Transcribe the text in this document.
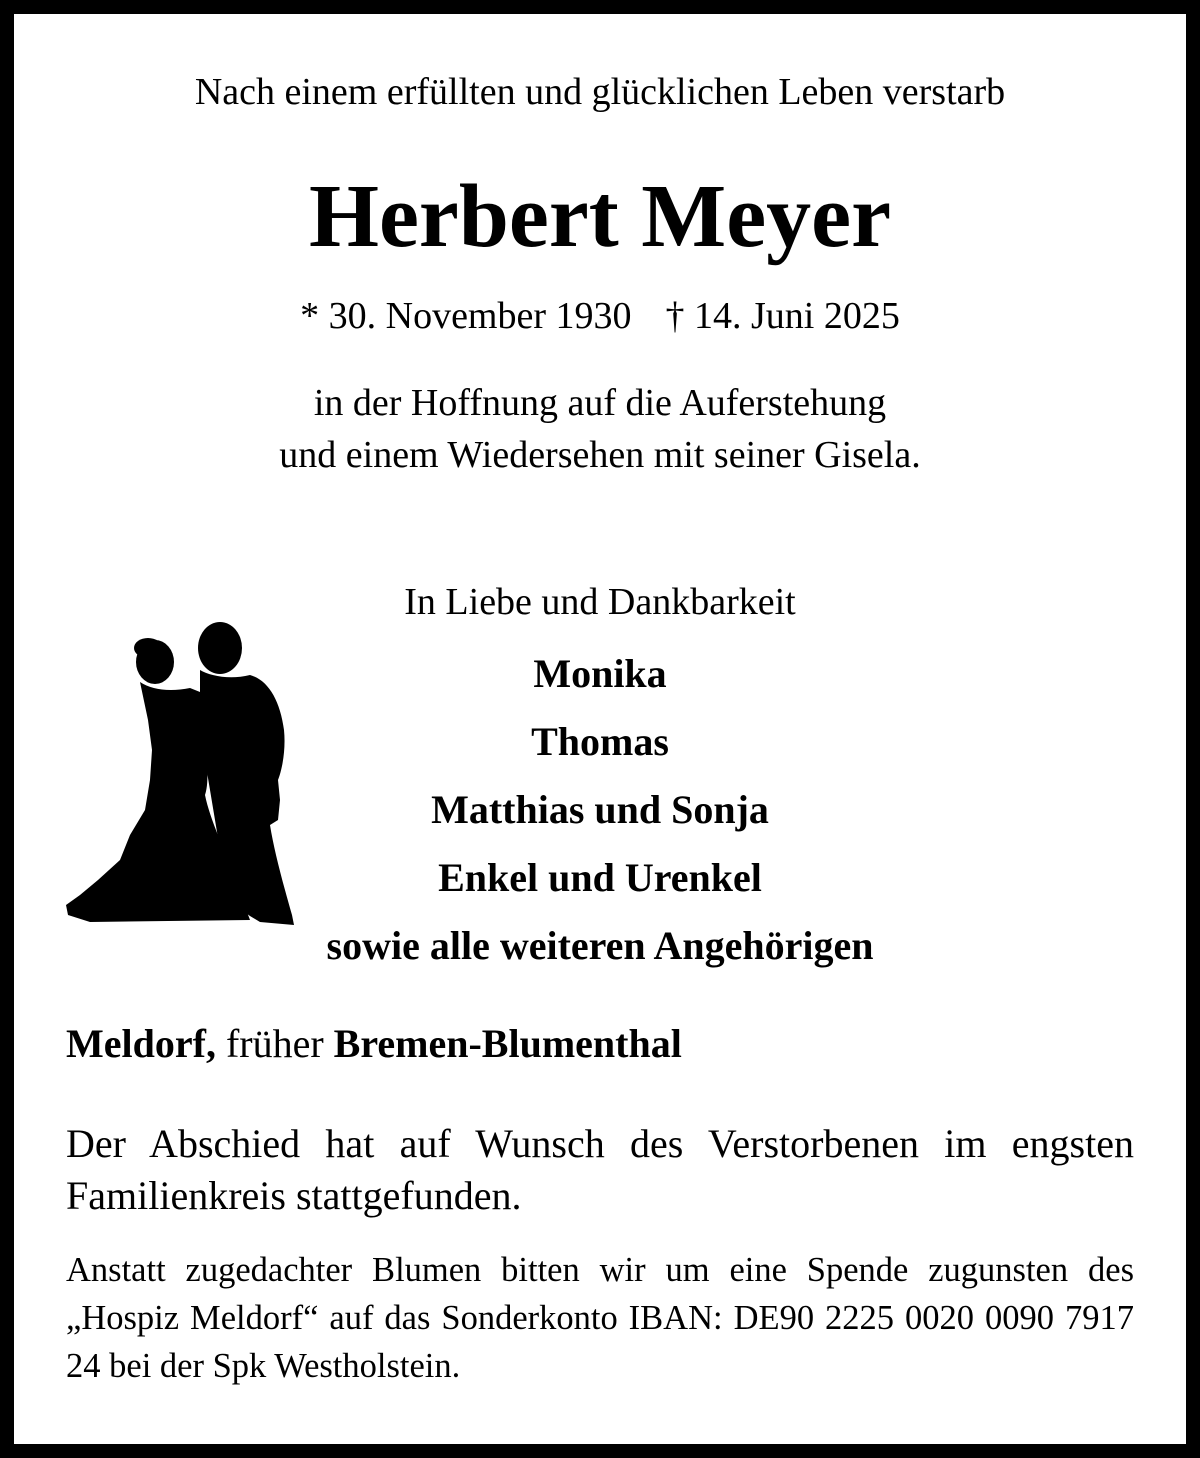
Nach einem erfüllten und glücklichen Leben verstarb
Herbert Meyer
* 30. November 1930 † 14. Juni 2025
in der Hoffnung auf die Auferstehung
und einem Wiedersehen mit seiner Gisela.
In Liebe und Dankbarkeit
Monika
Thomas
Matthias und Sonja
Enkel und Urenkel
sowie alle weiteren Angehörigen
Meldorf, früher Bremen-Blumenthal
Der Abschied hat auf Wunsch des Verstorbenen im engsten Familienkreis stattgefunden.
Anstatt zugedachter Blumen bitten wir um eine Spende zugunsten des „Hospiz Meldorf“ auf das Sonderkonto IBAN: DE90 2225 0020 0090 7917 24 bei der Spk Westholstein.
